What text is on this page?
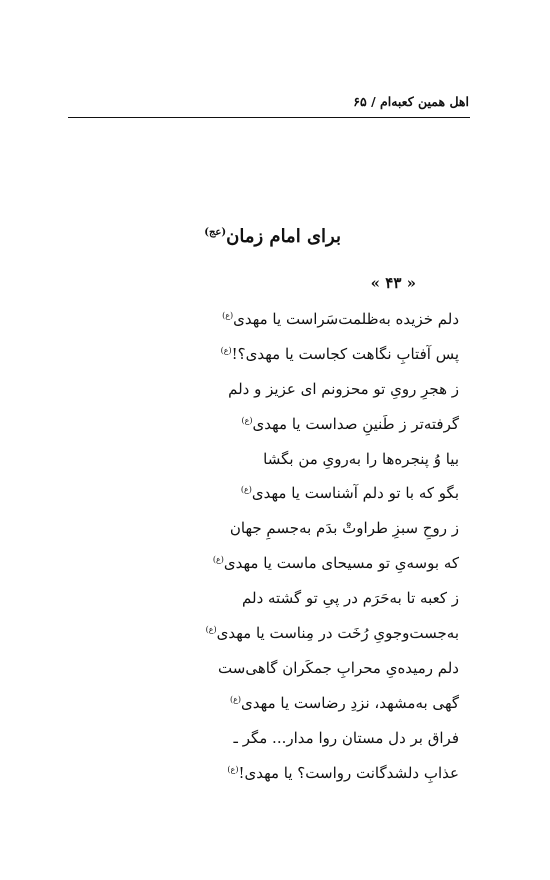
اهل همین کعبه‌ام / ۶۵
برای امام زمان$^{(عج)}$
« ۴۳ »
دلم خزیده به‌ظلمت‌سَراست یا مهدی$^{(ع)}$
پس آفتابِ نگاهت کجاست یا مهدی؟!$^{(ع)}$
ز هجرِ رویِ تو محزونم ای عزیز و دلم
گرفته‌تر ز طَنینِ صداست یا مهدی$^{(ع)}$
بیا وُ پنجره‌ها را به‌رویِ من بگشا
بگو که با تو دلم آشناست یا مهدی$^{(ع)}$
ز روحِ سبزِ طراوتْ بدَم به‌جسمِ جهان
که بوسه‌یِ تو مسیحای ماست یا مهدی$^{(ع)}$
ز کعبه تا به‌حَرَم در پیِ تو گشته دلم
به‌جست‌وجویِ رُخَت در مِناست یا مهدی$^{(ع)}$
دلم رمیده‌یِ محرابِ جمکَران گاهی‌ست
گهی به‌مشهد، نزدِ رضاست یا مهدی$^{(ع)}$
فراق بر دل مستان روا مدار... مگر ـ
عذابِ دلشدگانت رواست؟ یا مهدی!$^{(ع)}$
